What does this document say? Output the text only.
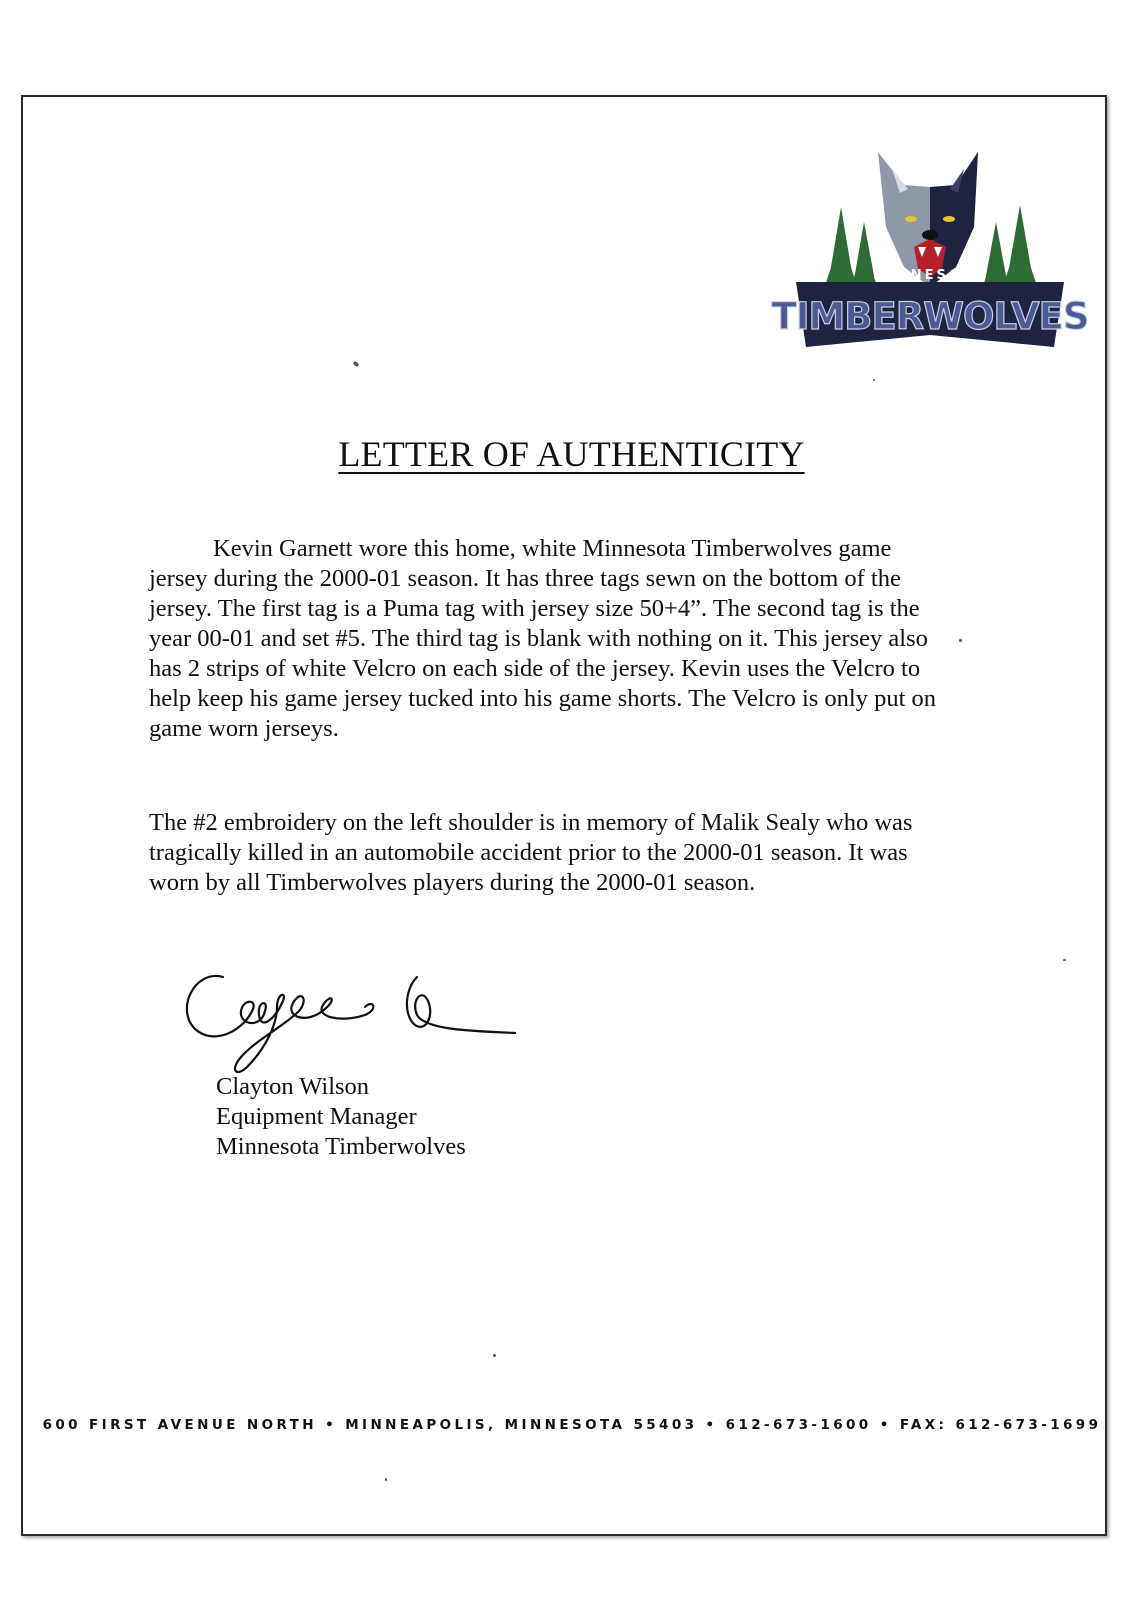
MINNESOTA
TIMBERWOLVES
LETTER OF AUTHENTICITY

Kevin Garnett wore this home, white Minnesota Timberwolves game jersey during the 2000-01 season. It has three tags sewn on the bottom of the jersey. The first tag is a Puma tag with jersey size 50+4”. The second tag is the year 00-01 and set #5. The third tag is blank with nothing on it. This jersey also has 2 strips of white Velcro on each side of the jersey. Kevin uses the Velcro to help keep his game jersey tucked into his game shorts. The Velcro is only put on game worn jerseys.

The #2 embroidery on the left shoulder is in memory of Malik Sealy who was tragically killed in an automobile accident prior to the 2000-01 season. It was worn by all Timberwolves players during the 2000-01 season.

Clayton Wilson
Equipment Manager
Minnesota Timberwolves
600 FIRST AVENUE NORTH • MINNEAPOLIS, MINNESOTA 55403 • 612-673-1600 • FAX: 612-673-1699
